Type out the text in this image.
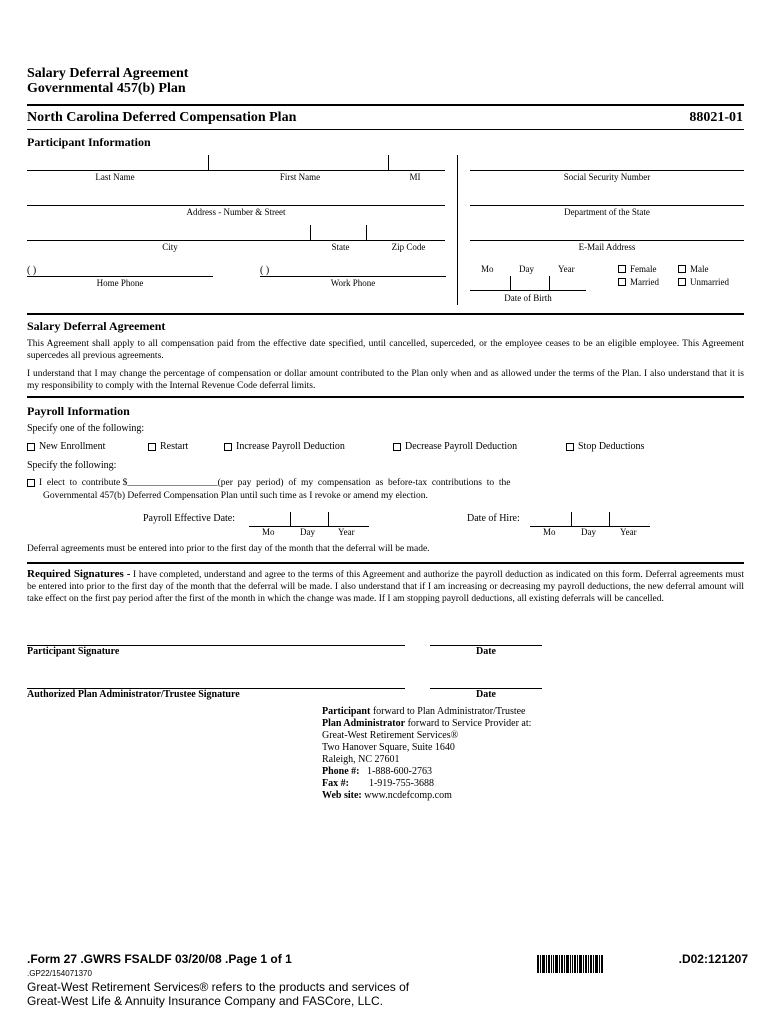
Salary Deferral Agreement
Governmental 457(b) Plan
North Carolina Deferred Compensation Plan	88021-01
Participant Information
Last Name	First Name	MI
Address - Number & Street
City	State	Zip Code
( )
Home Phone
( )
Work Phone
Social Security Number
Department of the State
E-Mail Address
Mo	Day	Year
Date of Birth
Female	Male
Married	Unmarried
Salary Deferral Agreement
This Agreement shall apply to all compensation paid from the effective date specified, until cancelled, superceded, or the employee ceases to be an eligible employee. This Agreement supercedes all previous agreements.
I understand that I may change the percentage of compensation or dollar amount contributed to the Plan only when and as allowed under the terms of the Plan. I also understand that it is my responsibility to comply with the Internal Revenue Code deferral limits.
Payroll Information
Specify one of the following:
New Enrollment	Restart	Increase Payroll Deduction	Decrease Payroll Deduction	Stop Deductions
Specify the following:
I  elect  to  contribute $___________________(per  pay  period)  of  my  compensation  as  before-tax  contributions  to  the
Governmental 457(b) Deferred Compensation Plan until such time as I revoke or amend my election.
Payroll Effective Date:
Mo	Day	Year
Date of Hire:
Mo	Day	Year
Deferral agreements must be entered into prior to the first day of the month that the deferral will be made.
Required Signatures - I have completed, understand and agree to the terms of this Agreement and authorize the payroll deduction as indicated on this form. Deferral agreements must be entered into prior to the first day of the month that the deferral will be made. I also understand that if I am increasing or decreasing my payroll deductions, the new deferral amount will take effect on the first pay period after the first of the month in which the change was made. If I am stopping payroll deductions, all existing deferrals will be cancelled.
Participant Signature	Date
Authorized Plan Administrator/Trustee Signature	Date
Participant forward to Plan Administrator/Trustee
Plan Administrator forward to Service Provider at:
Great-West Retirement Services®
Two Hanover Square, Suite 1640
Raleigh, NC 27601
Phone #: 1-888-600-2763
Fax #: 1-919-755-3688
Web site: www.ncdefcomp.com
.Form 27 .GWRS FSALDF 03/20/08 .Page 1 of 1	.D02:121207
.GP22/154071370
Great-West Retirement Services® refers to the products and services of
Great-West Life & Annuity Insurance Company and FASCore, LLC.
